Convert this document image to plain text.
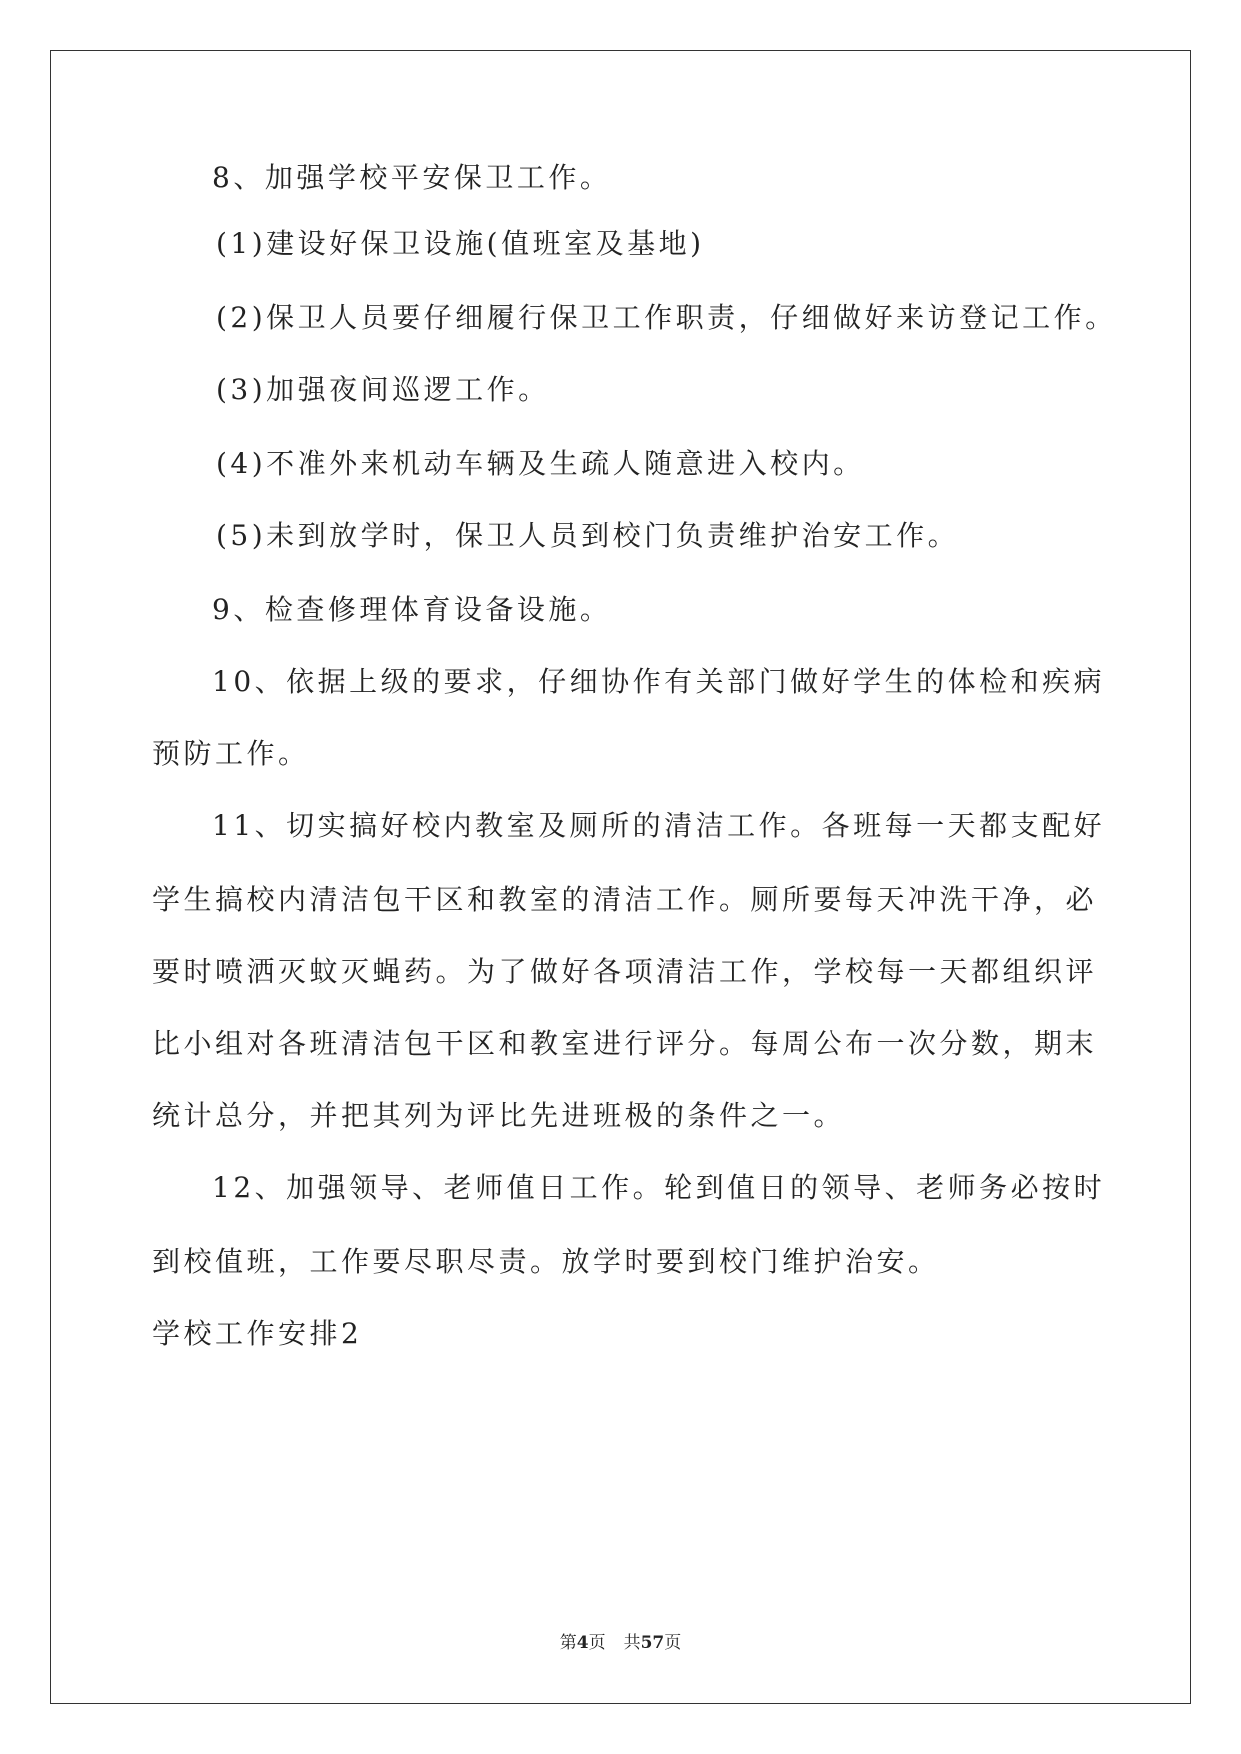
8、加强学校平安保卫工作。
(1)建设好保卫设施(值班室及基地)
(2)保卫人员要仔细履行保卫工作职责，仔细做好来访登记工作。
(3)加强夜间巡逻工作。
(4)不准外来机动车辆及生疏人随意进入校内。
(5)未到放学时，保卫人员到校门负责维护治安工作。
9、检查修理体育设备设施。
10、依据上级的要求，仔细协作有关部门做好学生的体检和疾病
预防工作。
11、切实搞好校内教室及厕所的清洁工作。各班每一天都支配好
学生搞校内清洁包干区和教室的清洁工作。厕所要每天冲洗干净，必
要时喷洒灭蚊灭蝇药。为了做好各项清洁工作，学校每一天都组织评
比小组对各班清洁包干区和教室进行评分。每周公布一次分数，期末
统计总分，并把其列为评比先进班极的条件之一。
12、加强领导、老师值日工作。轮到值日的领导、老师务必按时
到校值班，工作要尽职尽责。放学时要到校门维护治安。
学校工作安排2
第4页 共57页
